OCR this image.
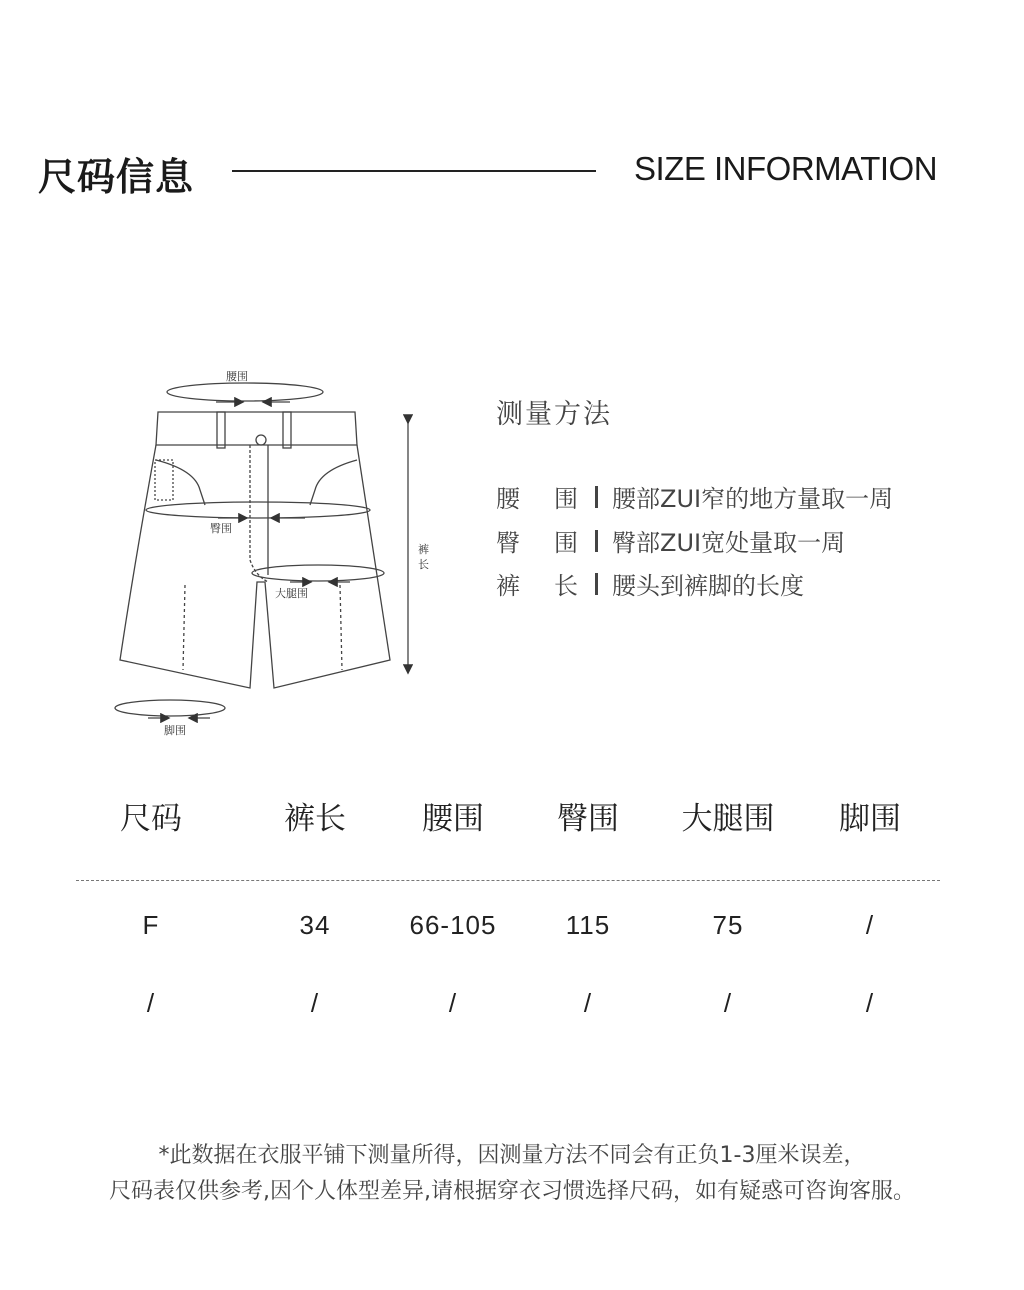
尺码信息	SIZE INFORMATION
腰围
臀围
大腿围
脚围
裤
长
测量方法
腰 围 腰部ZUI窄的地方量取一周
臀 围 臀部ZUI宽处量取一周
裤 长 腰头到裤脚的长度
尺码	裤长	腰围	臀围	大腿围	脚围
F	34	66-105	115	75	/
/	/	/	/	/	/
*此数据在衣服平铺下测量所得，因测量方法不同会有正负1-3厘米误差，
尺码表仅供参考,因个人体型差异,请根据穿衣习惯选择尺码，如有疑惑可咨询客服。
